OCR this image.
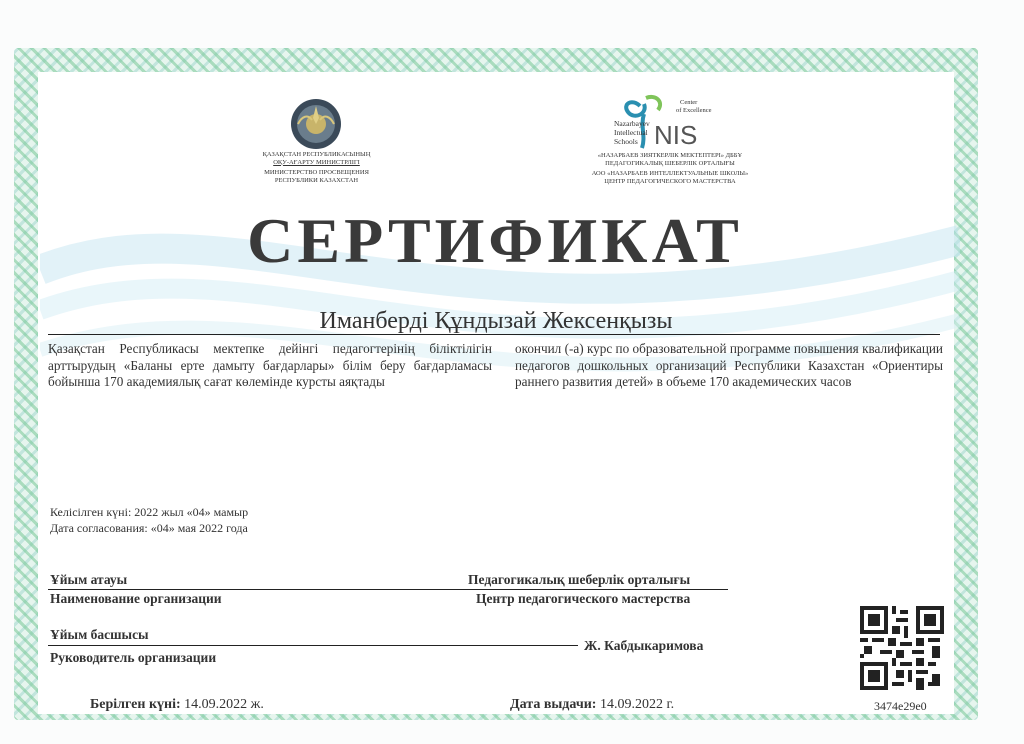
ҚАЗАҚСТАН РЕСПУБЛИКАСЫНЫҢ
ОҚУ-АҒАРТУ МИНИСТРЛІГІ
МИНИСТЕРСТВО ПРОСВЕЩЕНИЯ
РЕСПУБЛИКИ КАЗАХСТАН
Center
of Excellence
Nazarbayev
Intellectual
Schools NIS
«НАЗАРБАЕВ ЗИЯТКЕРЛІК МЕКТЕПТЕРІ» ДББҰ
ПЕДАГОГИКАЛЫҚ ШЕБЕРЛІК ОРТАЛЫҒЫ
АОО «НАЗАРБАЕВ ИНТЕЛЛЕКТУАЛЬНЫЕ ШКОЛЫ»
ЦЕНТР ПЕДАГОГИЧЕСКОГО МАСТЕРСТВА
СЕРТИФИКАТ
Иманберді Құндызай Жексенқызы
Қазақстан Республикасы мектепке дейінгі педагогтерінің біліктілігін арттырудың «Баланы ерте дамыту бағдарлары» білім беру бағдарламасы бойынша 170 академиялық сағат көлемінде курсты аяқтады
окончил (-а) курс по образовательной программе повышения квалификации педагогов дошкольных организаций Республики Казахстан «Ориентиры раннего развития детей» в объеме 170 академических часов
Келісілген күні: 2022 жыл «04» мамыр
Дата согласования: «04» мая 2022 года
Ұйым атауы	Педагогикалық шеберлік орталығы
Наименование организации	Центр педагогического мастерства
Ұйым басшысы
Руководитель организации
Ж. Кабдыкаримова
3474e29e0
Берілген күні: 14.09.2022 ж.	Дата выдачи: 14.09.2022 г.
